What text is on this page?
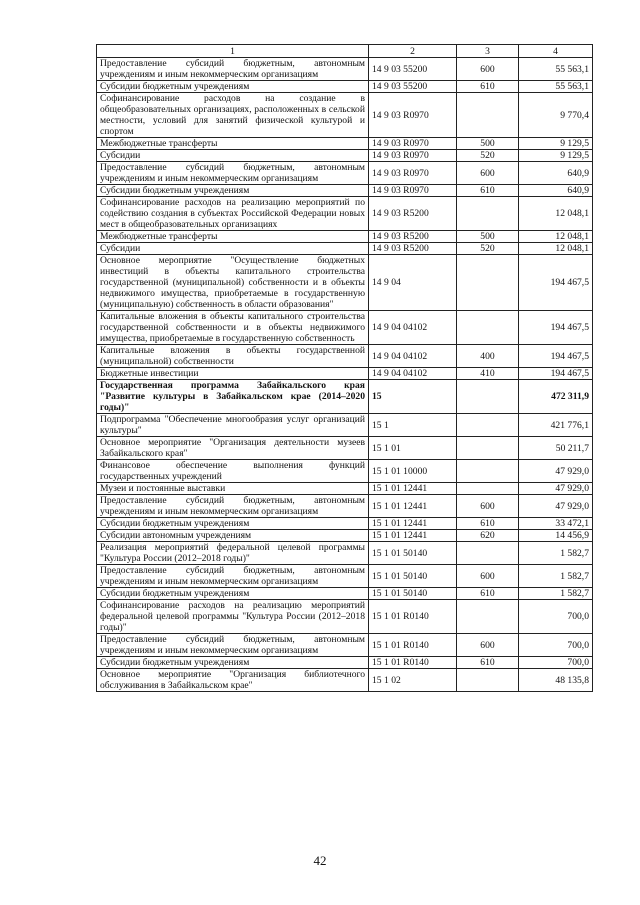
1	2	3	4
Предоставление субсидий бюджетным, автономным учреждениям и иным некоммерческим организациям	14 9 03 55200	600	55 563,1
Субсидии бюджетным учреждениям	14 9 03 55200	610	55 563,1
Софинансирование расходов на создание в общеобразовательных организациях, расположенных в сельской местности, условий для занятий физической культурой и спортом	14 9 03 R0970		9 770,4
Межбюджетные трансферты	14 9 03 R0970	500	9 129,5
Субсидии	14 9 03 R0970	520	9 129,5
Предоставление субсидий бюджетным, автономным учреждениям и иным некоммерческим организациям	14 9 03 R0970	600	640,9
Субсидии бюджетным учреждениям	14 9 03 R0970	610	640,9
Софинансирование расходов на реализацию мероприятий по содействию создания в субъектах Российской Федерации новых мест в общеобразовательных организациях	14 9 03 R5200		12 048,1
Межбюджетные трансферты	14 9 03 R5200	500	12 048,1
Субсидии	14 9 03 R5200	520	12 048,1
Основное мероприятие "Осуществление бюджетных инвестиций в объекты капитального строительства государственной (муниципальной) собственности и в объекты недвижимого имущества, приобретаемые в государственную (муниципальную) собственность в области образования"	14 9 04		194 467,5
Капитальные вложения в объекты капитального строительства государственной собственности и в объекты недвижимого имущества, приобретаемые в государственную собственность	14 9 04 04102		194 467,5
Капитальные вложения в объекты государственной (муниципальной) собственности	14 9 04 04102	400	194 467,5
Бюджетные инвестиции	14 9 04 04102	410	194 467,5
Государственная программа Забайкальского края "Развитие культуры в Забайкальском крае (2014–2020 годы)"	15		472 311,9
Подпрограмма "Обеспечение многообразия услуг организаций культуры"	15 1		421 776,1
Основное мероприятие "Организация деятельности музеев Забайкальского края"	15 1 01		50 211,7
Финансовое обеспечение выполнения функций государственных учреждений	15 1 01 10000		47 929,0
Музеи и постоянные выставки	15 1 01 12441		47 929,0
Предоставление субсидий бюджетным, автономным учреждениям и иным некоммерческим организациям	15 1 01 12441	600	47 929,0
Субсидии бюджетным учреждениям	15 1 01 12441	610	33 472,1
Субсидии автономным учреждениям	15 1 01 12441	620	14 456,9
Реализация мероприятий федеральной целевой программы "Культура России (2012–2018 годы)"	15 1 01 50140		1 582,7
Предоставление субсидий бюджетным, автономным учреждениям и иным некоммерческим организациям	15 1 01 50140	600	1 582,7
Субсидии бюджетным учреждениям	15 1 01 50140	610	1 582,7
Софинансирование расходов на реализацию мероприятий федеральной целевой программы "Культура России (2012–2018 годы)"	15 1 01 R0140		700,0
Предоставление субсидий бюджетным, автономным учреждениям и иным некоммерческим организациям	15 1 01 R0140	600	700,0
Субсидии бюджетным учреждениям	15 1 01 R0140	610	700,0
Основное мероприятие "Организация библиотечного обслуживания в Забайкальском крае"	15 1 02		48 135,8
42
